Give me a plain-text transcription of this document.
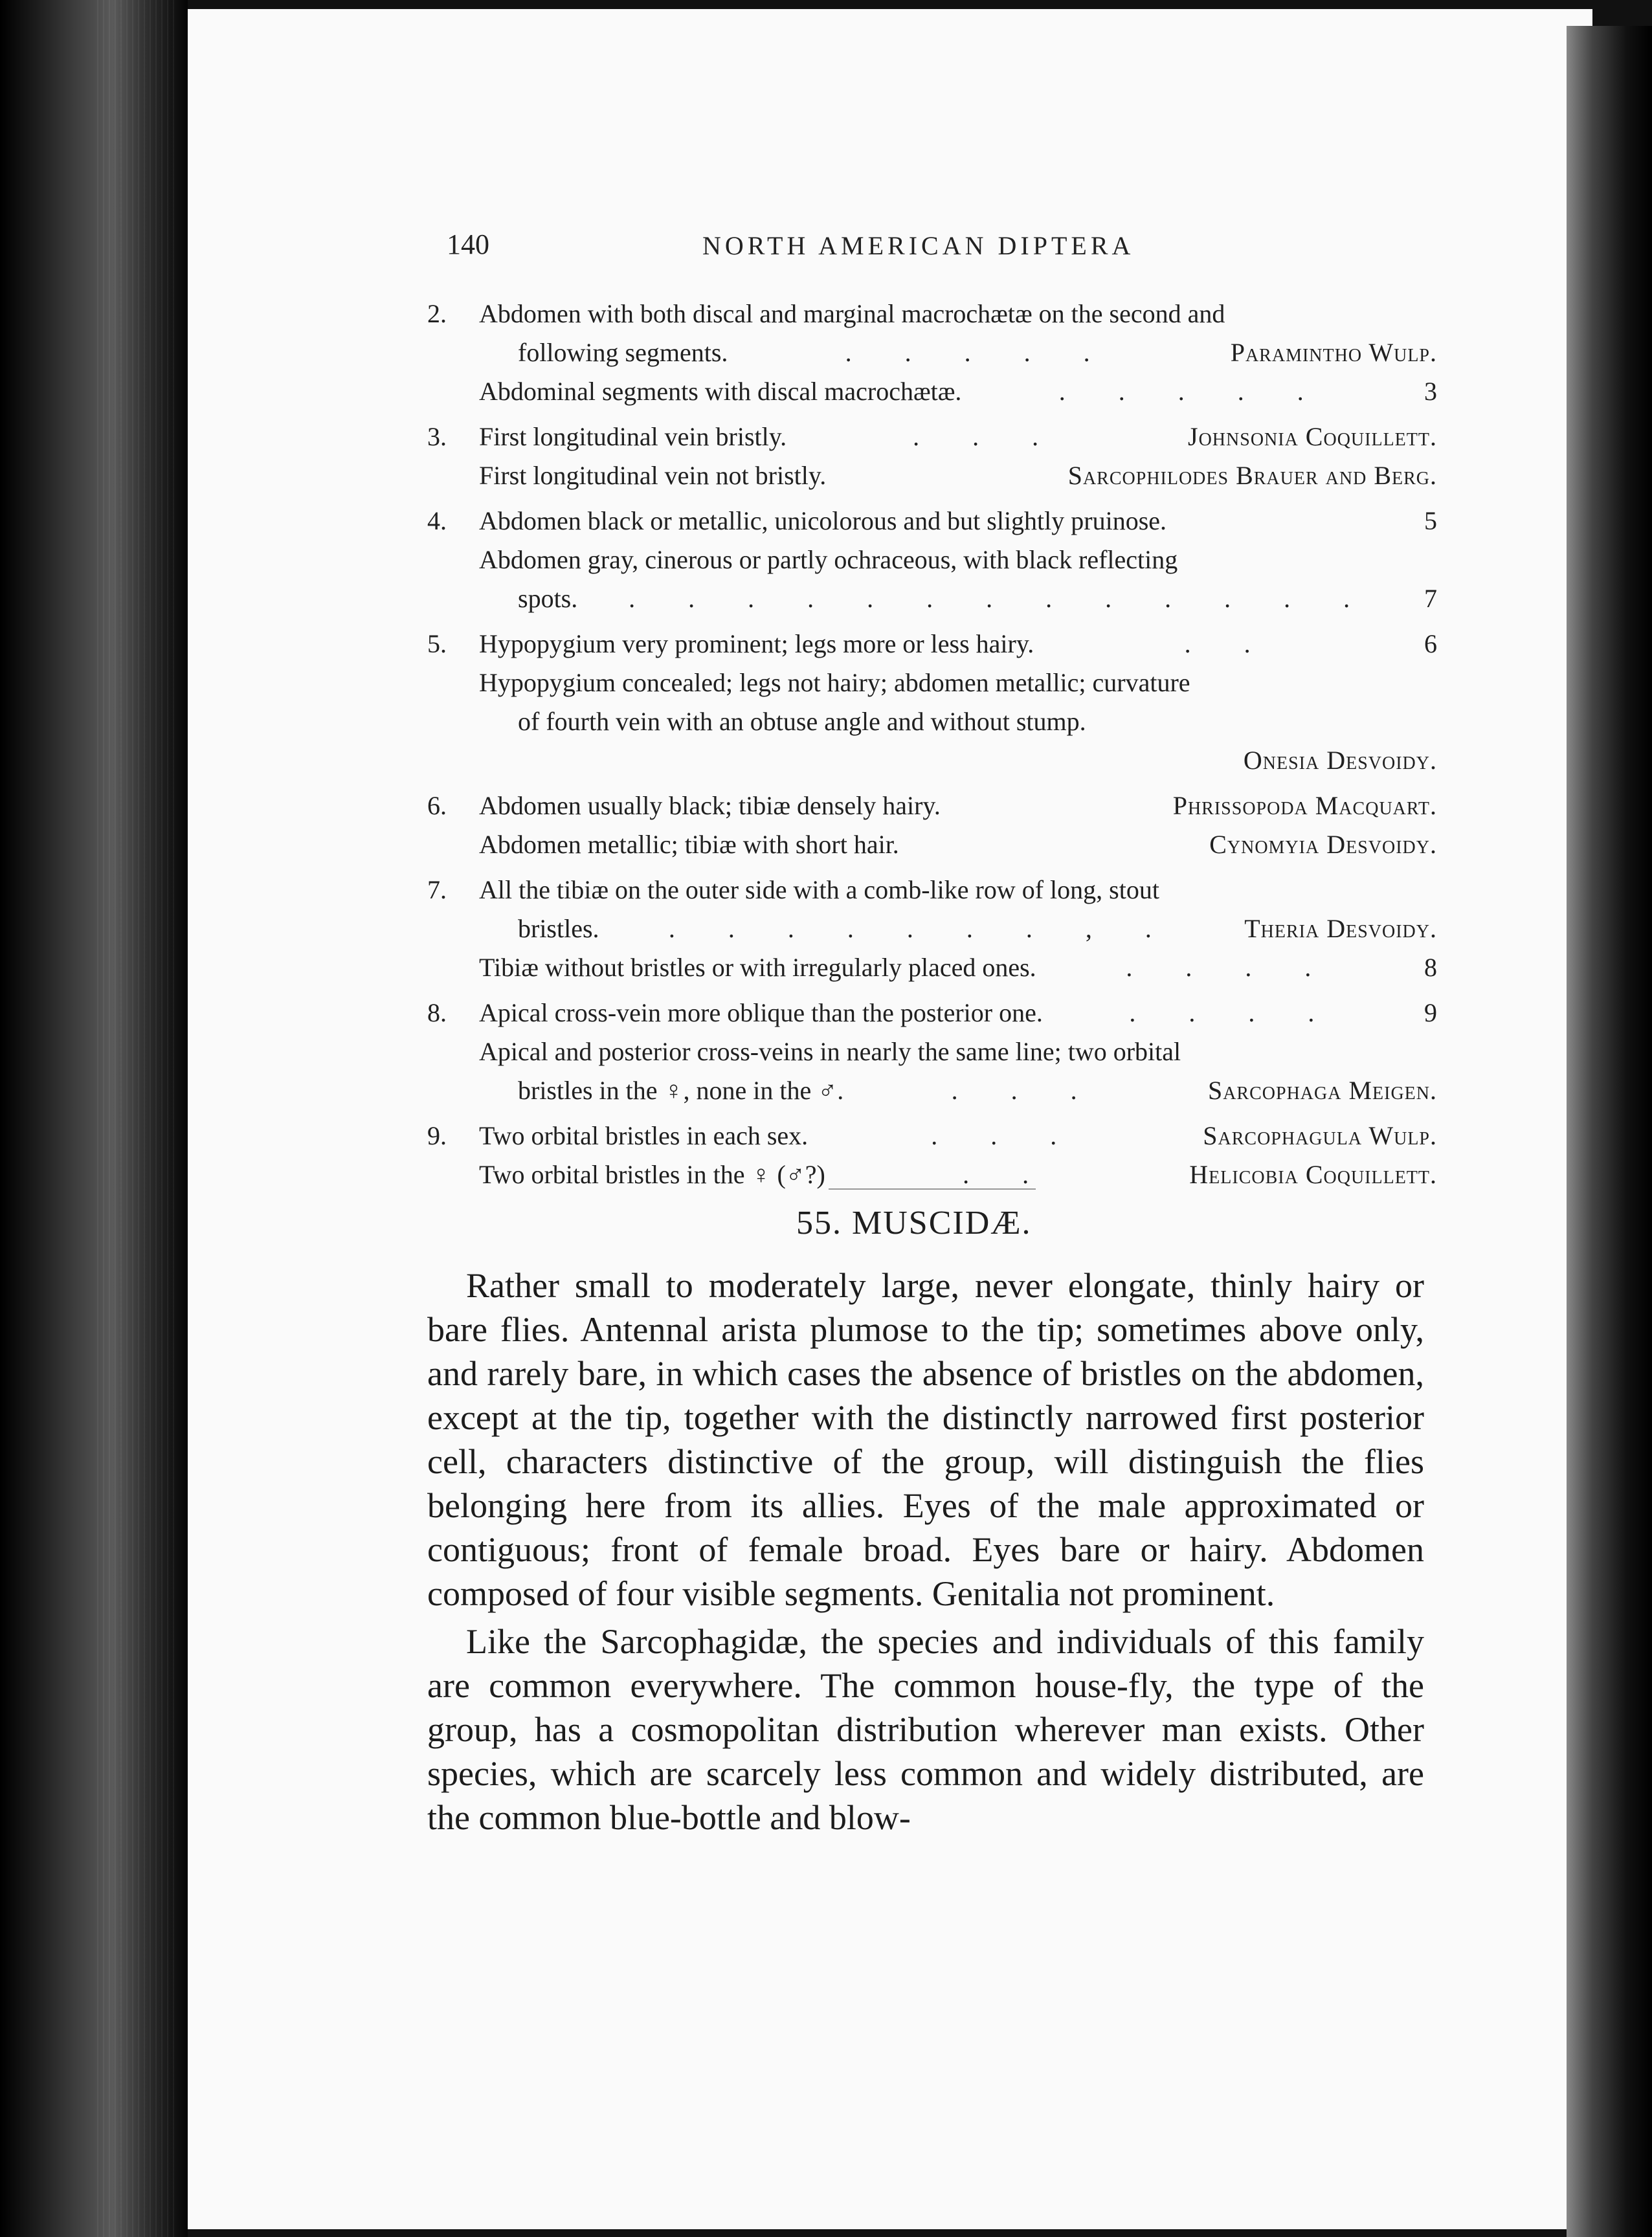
140	NORTH AMERICAN DIPTERA
2.	Abdomen with both discal and marginal macrochætæ on the second and
following segments.	. . . . .	Paramintho Wulp.
Abdominal segments with discal macrochætæ.	. . . . .	3
3.	First longitudinal vein bristly.	. . .	Johnsonia Coquillett.
First longitudinal vein not bristly.	Sarcophilodes Brauer and Berg.
4.	Abdomen black or metallic, unicolorous and but slightly pruinose.	5
Abdomen gray, cinerous or partly ochraceous, with black reflecting
spots.	. . . . . . . . . . . . .	7
5.	Hypopygium very prominent; legs more or less hairy.	. .	6
Hypopygium concealed; legs not hairy; abdomen metallic; curvature
of fourth vein with an obtuse angle and without stump.
Onesia Desvoidy.
6.	Abdomen usually black; tibiæ densely hairy.	Phrissopoda Macquart.
Abdomen metallic; tibiæ with short hair.	Cynomyia Desvoidy.
7.	All the tibiæ on the outer side with a comb-like row of long, stout
bristles.	. . . . . . . , .	Theria Desvoidy.
Tibiæ without bristles or with irregularly placed ones.	. . . .	8
8.	Apical cross-vein more oblique than the posterior one.	. . . .	9
Apical and posterior cross-veins in nearly the same line; two orbital
bristles in the ♀, none in the ♂.	. . .	Sarcophaga Meigen.
9.	Two orbital bristles in each sex.	. . .	Sarcophagula Wulp.
Two orbital bristles in the ♀ (♂?)	. .	Helicobia Coquillett.
55. MUSCIDÆ.

Rather small to moderately large, never elongate, thinly hairy or bare flies. Antennal arista plumose to the tip; sometimes above only, and rarely bare, in which cases the absence of bristles on the abdomen, except at the tip, together with the distinctly narrowed first posterior cell, characters distinctive of the group, will distinguish the flies belonging here from its allies. Eyes of the male approximated or contiguous; front of female broad. Eyes bare or hairy. Abdomen composed of four visible segments. Genitalia not prominent.

Like the Sarcophagidæ, the species and individuals of this family are common everywhere. The common house-fly, the type of the group, has a cosmopolitan distribution wherever man exists. Other species, which are scarcely less common and widely distributed, are the common blue-bottle and blow-
